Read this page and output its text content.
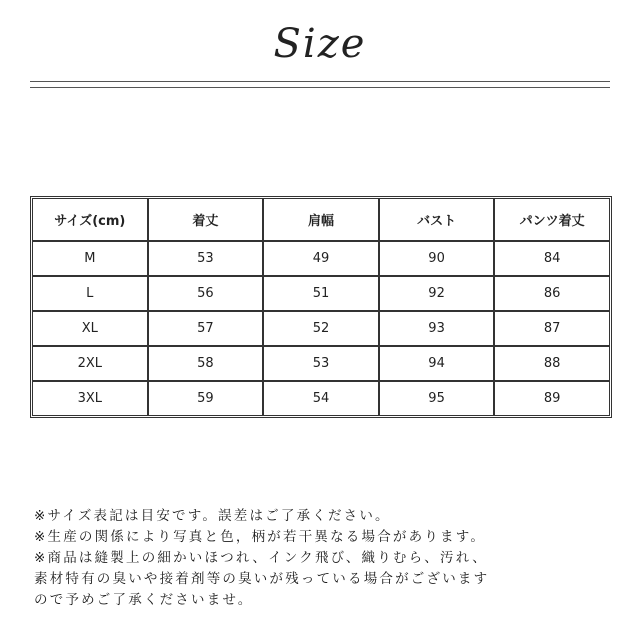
Size
サイズ(cm)	着丈	肩幅	バスト	パンツ着丈
M	53	49	90	84
L	56	51	92	86
XL	57	52	93	87
2XL	58	53	94	88
3XL	59	54	95	89
※サイズ表記は目安です。誤差はご了承ください。
※生産の関係により写真と色，柄が若干異なる場合があります。
※商品は縫製上の細かいほつれ、インク飛び、織りむら、汚れ、
素材特有の臭いや接着剤等の臭いが残っている場合がございます
ので予めご了承くださいませ。
